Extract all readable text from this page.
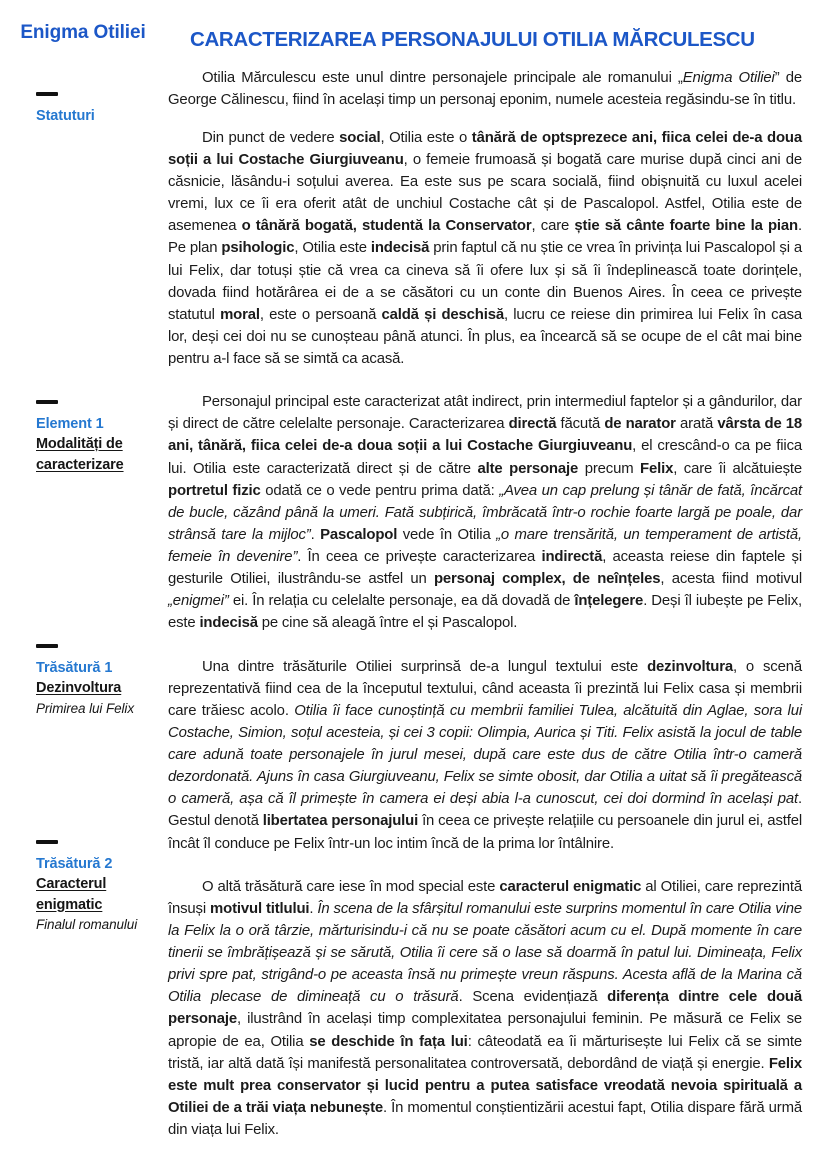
Enigma Otiliei
Statuturi
Element 1
Modalități de caracterizare
Trăsătură 1
Dezinvoltura
Primirea lui Felix
Trăsătură 2
Caracterul enigmatic
Finalul romanului
CARACTERIZAREA PERSONAJULUI OTILIA MĂRCULESCU

Otilia Mărculescu este unul dintre personajele principale ale romanului „Enigma Otiliei” de George Călinescu, fiind în același timp un personaj eponim, numele acesteia regăsindu-se în titlu.

Din punct de vedere social, Otilia este o tânără de optsprezece ani, fiica celei de-a doua soții a lui Costache Giurgiuveanu, o femeie frumoasă și bogată care murise după cinci ani de căsnicie, lăsându-i soțului averea. Ea este sus pe scara socială, fiind obișnuită cu luxul acelei vremi, lux ce îi era oferit atât de unchiul Costache cât și de Pascalopol. Astfel, Otilia este de asemenea o tânără bogată, studentă la Conservator, care știe să cânte foarte bine la pian. Pe plan psihologic, Otilia este indecisă prin faptul că nu știe ce vrea în privința lui Pascalopol și a lui Felix, dar totuși știe că vrea ca cineva să îi ofere lux și să îi îndeplinească toate dorințele, dovada fiind hotărârea ei de a se căsători cu un conte din Buenos Aires. În ceea ce privește statutul moral, este o persoană caldă și deschisă, lucru ce reiese din primirea lui Felix în casa lor, deși cei doi nu se cunoșteau până atunci. În plus, ea încearcă să se ocupe de el cât mai bine pentru a-l face să se simtă ca acasă.

Personajul principal este caracterizat atât indirect, prin intermediul faptelor și a gândurilor, dar și direct de către celelalte personaje. Caracterizarea directă făcută de narator arată vârsta de 18 ani, tânără, fiica celei de-a doua soții a lui Costache Giurgiuveanu, el crescând-o ca pe fiica lui. Otilia este caracterizată direct și de către alte personaje precum Felix, care îi alcătuiește portretul fizic odată ce o vede pentru prima dată: „Avea un cap prelung și tânăr de fată, încărcat de bucle, căzând până la umeri. Fată subțirică, îmbrăcată într-o rochie foarte largă pe poale, dar strânsă tare la mijloc”. Pascalopol vede în Otilia „o mare trensărită, un temperament de artistă, femeie în devenire”. În ceea ce privește caracterizarea indirectă, aceasta reiese din faptele și gesturile Otiliei, ilustrându-se astfel un personaj complex, de neînțeles, acesta fiind motivul „enigmei” ei. În relația cu celelalte personaje, ea dă dovadă de înțelegere. Deși îl iubește pe Felix, este indecisă pe cine să aleagă între el și Pascalopol.

Una dintre trăsăturile Otiliei surprinsă de-a lungul textului este dezinvoltura, o scenă reprezentativă fiind cea de la începutul textului, când aceasta îi prezintă lui Felix casa și membrii care trăiesc acolo. Otilia îi face cunoștință cu membrii familiei Tulea, alcătuită din Aglae, sora lui Costache, Simion, soțul acesteia, și cei 3 copii: Olimpia, Aurica și Titi. Felix asistă la jocul de table care adună toate personajele în jurul mesei, după care este dus de către Otilia într-o cameră dezordonată. Ajuns în casa Giurgiuveanu, Felix se simte obosit, dar Otilia a uitat să îi pregătească o cameră, așa că îl primește în camera ei deși abia l-a cunoscut, cei doi dormind în același pat. Gestul denotă libertatea personajului în ceea ce privește relațiile cu persoanele din jurul ei, astfel încât îl conduce pe Felix într-un loc intim încă de la prima lor întâlnire.

O altă trăsătură care iese în mod special este caracterul enigmatic al Otiliei, care reprezintă însuși motivul titlului. În scena de la sfârșitul romanului este surprins momentul în care Otilia vine la Felix la o oră târzie, mărturisindu-i că nu se poate căsători acum cu el. După momente în care tinerii se îmbrățișează și se sărută, Otilia îi cere să o lase să doarmă în patul lui. Dimineața, Felix privi spre pat, strigând-o pe aceasta însă nu primește vreun răspuns. Acesta află de la Marina că Otilia plecase de dimineață cu o trăsură. Scena evidențiază diferența dintre cele două personaje, ilustrând în același timp complexitatea personajului feminin. Pe măsură ce Felix se apropie de ea, Otilia se deschide în fața lui: câteodată ea îi mărturisește lui Felix că se simte tristă, iar altă dată își manifestă personalitatea controversată, debordând de viață și energie. Felix este mult prea conservator și lucid pentru a putea satisface vreodată nevoia spirituală a Otiliei de a trăi viața nebunește. În momentul conștientizării acestui fapt, Otilia dispare fără urmă din viața lui Felix.
